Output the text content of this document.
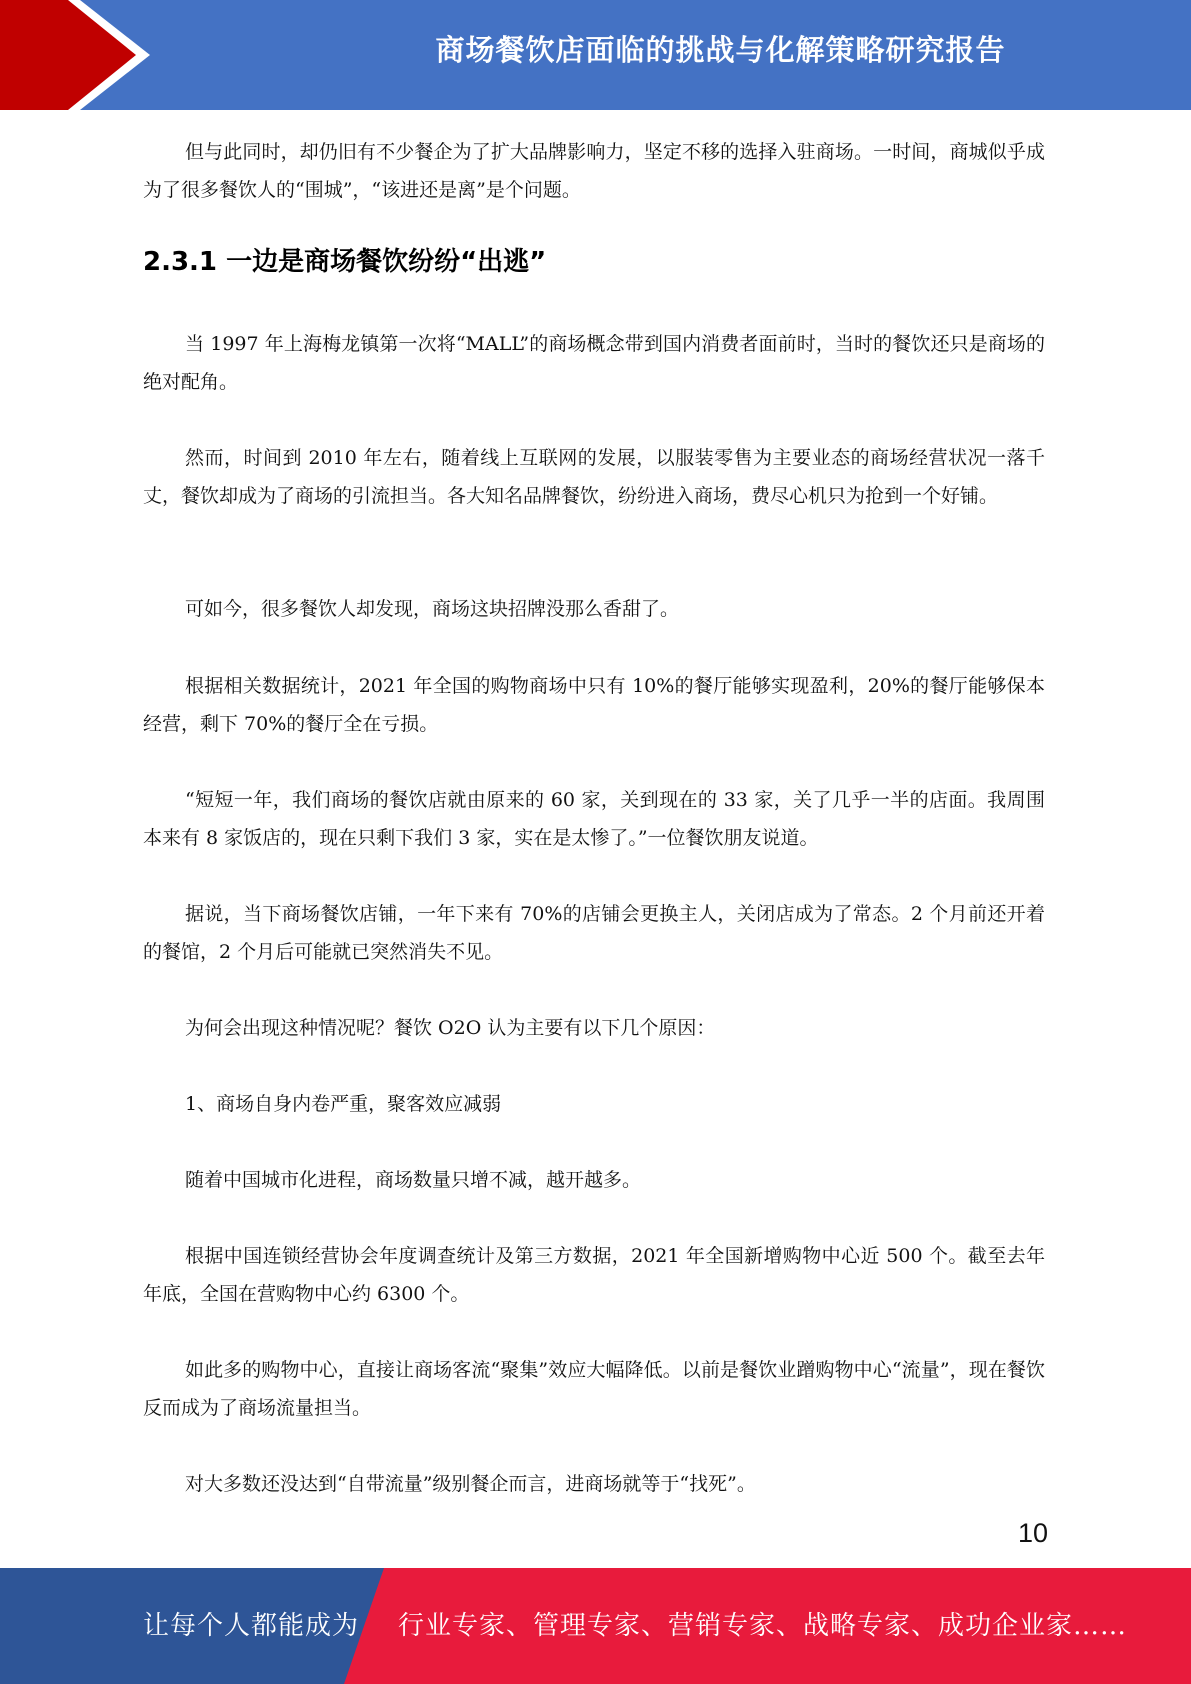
商场餐饮店面临的挑战与化解策略研究报告

但与此同时，却仍旧有不少餐企为了扩大品牌影响力，坚定不移的选择入驻商场。一时间，商城似乎成为了很多餐饮人的“围城”，“该进还是离”是个问题。

2.3.1 一边是商场餐饮纷纷“出逃”

当 1997 年上海梅龙镇第一次将“MALL”的商场概念带到国内消费者面前时，当时的餐饮还只是商场的绝对配角。

然而，时间到 2010 年左右，随着线上互联网的发展，以服装零售为主要业态的商场经营状况一落千丈，餐饮却成为了商场的引流担当。各大知名品牌餐饮，纷纷进入商场，费尽心机只为抢到一个好铺。

可如今，很多餐饮人却发现，商场这块招牌没那么香甜了。

根据相关数据统计，2021 年全国的购物商场中只有 10%的餐厅能够实现盈利，20%的餐厅能够保本经营，剩下 70%的餐厅全在亏损。

“短短一年，我们商场的餐饮店就由原来的 60 家，关到现在的 33 家，关了几乎一半的店面。我周围本来有 8 家饭店的，现在只剩下我们 3 家，实在是太惨了。”一位餐饮朋友说道。

据说，当下商场餐饮店铺，一年下来有 70%的店铺会更换主人，关闭店成为了常态。2 个月前还开着的餐馆，2 个月后可能就已突然消失不见。

为何会出现这种情况呢？餐饮 O2O 认为主要有以下几个原因：

1、商场自身内卷严重，聚客效应减弱

随着中国城市化进程，商场数量只增不减，越开越多。

根据中国连锁经营协会年度调查统计及第三方数据，2021 年全国新增购物中心近 500 个。截至去年年底，全国在营购物中心约 6300 个。

如此多的购物中心，直接让商场客流“聚集”效应大幅降低。以前是餐饮业蹭购物中心“流量”，现在餐饮反而成为了商场流量担当。

对大多数还没达到“自带流量”级别餐企而言，进商场就等于“找死”。

10
让每个人都能成为 行业专家、管理专家、营销专家、战略专家、成功企业家……
